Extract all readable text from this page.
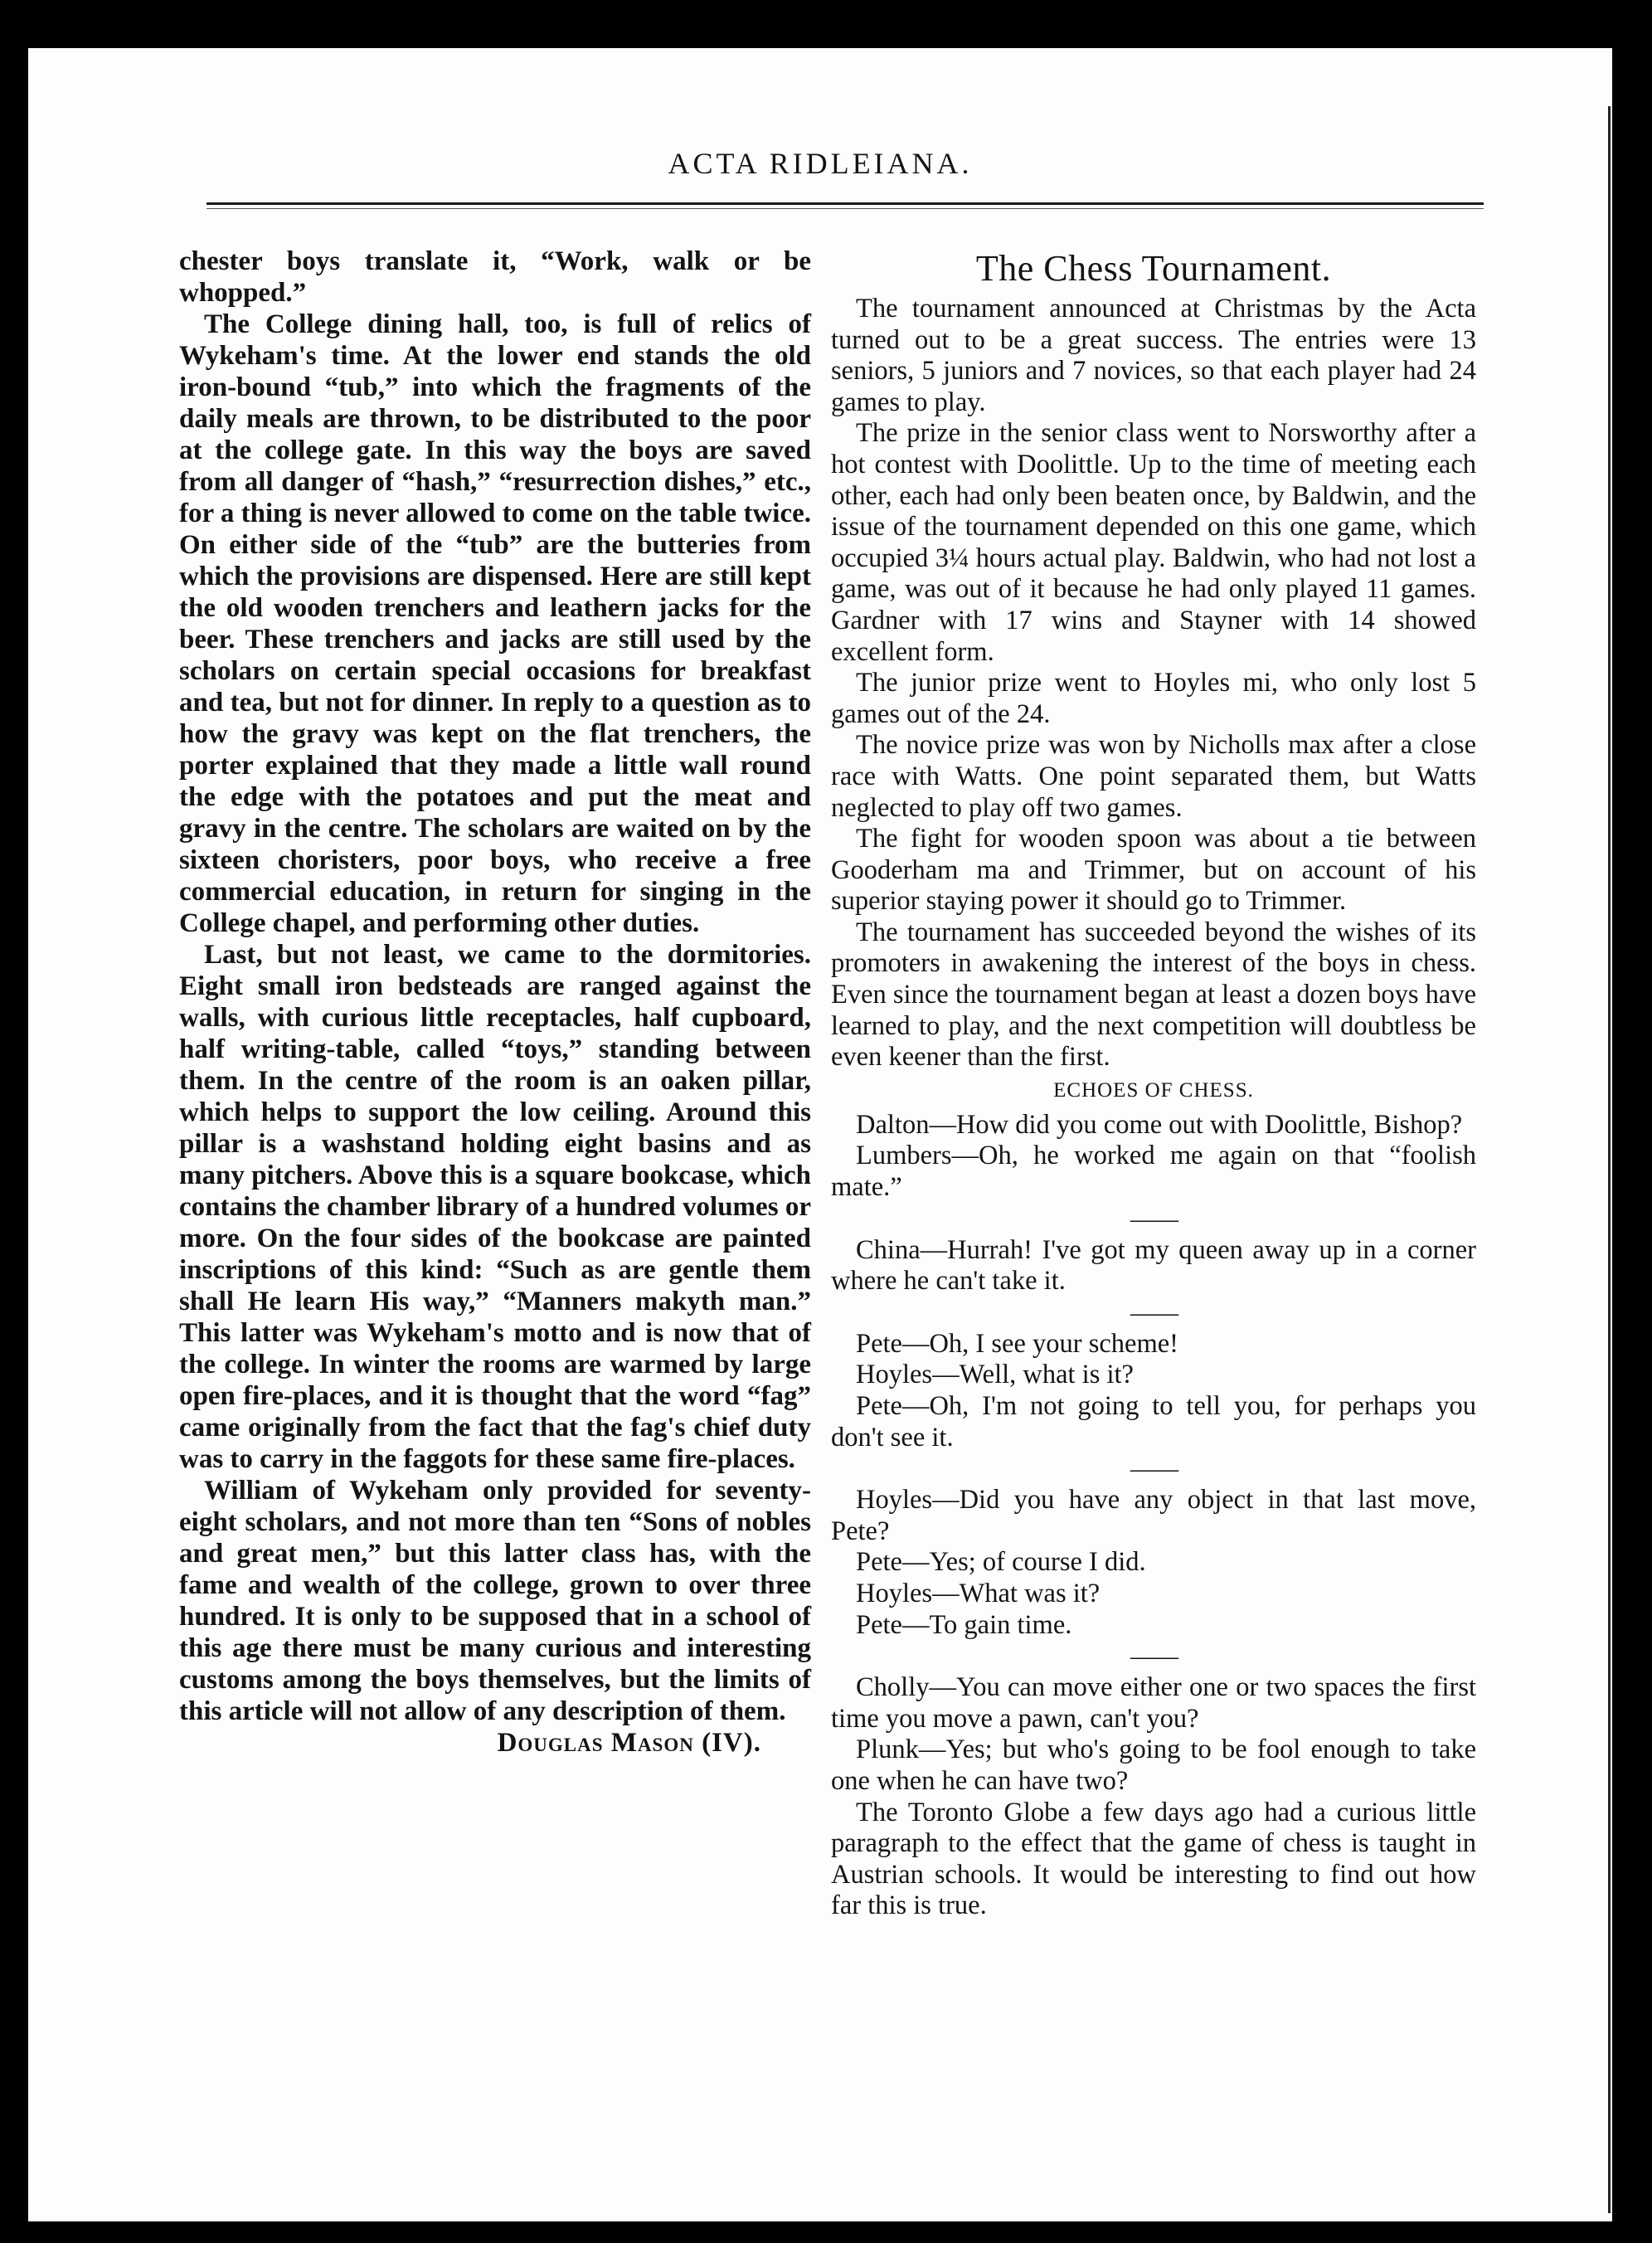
ACTA RIDLEIANA.

chester boys translate it, “Work, walk or be whopped.”

The College dining hall, too, is full of relics of Wykeham's time. At the lower end stands the old iron-bound “tub,” into which the fragments of the daily meals are thrown, to be distributed to the poor at the college gate. In this way the boys are saved from all danger of “hash,” “resurrection dishes,” etc., for a thing is never allowed to come on the table twice. On either side of the “tub” are the butteries from which the provisions are dispensed. Here are still kept the old wooden trenchers and leathern jacks for the beer. These trenchers and jacks are still used by the scholars on certain special occasions for breakfast and tea, but not for dinner. In reply to a question as to how the gravy was kept on the flat trenchers, the porter explained that they made a little wall round the edge with the potatoes and put the meat and gravy in the centre. The scholars are waited on by the sixteen choristers, poor boys, who receive a free commercial education, in return for singing in the College chapel, and performing other duties.

Last, but not least, we came to the dormitories. Eight small iron bedsteads are ranged against the walls, with curious little receptacles, half cupboard, half writing-table, called “toys,” standing between them. In the centre of the room is an oaken pillar, which helps to support the low ceiling. Around this pillar is a washstand holding eight basins and as many pitchers. Above this is a square bookcase, which contains the chamber library of a hundred volumes or more. On the four sides of the bookcase are painted inscriptions of this kind: “Such as are gentle them shall He learn His way,” “Manners makyth man.” This latter was Wykeham's motto and is now that of the college. In winter the rooms are warmed by large open fire-places, and it is thought that the word “fag” came originally from the fact that the fag's chief duty was to carry in the faggots for these same fire-places.

William of Wykeham only provided for seventy-eight scholars, and not more than ten “Sons of nobles and great men,” but this latter class has, with the fame and wealth of the college, grown to over three hundred. It is only to be supposed that in a school of this age there must be many curious and interesting customs among the boys themselves, but the limits of this article will not allow of any description of them.

Douglas Mason (IV).

The Chess Tournament.

The tournament announced at Christmas by the Acta turned out to be a great success. The entries were 13 seniors, 5 juniors and 7 novices, so that each player had 24 games to play.

The prize in the senior class went to Norsworthy after a hot contest with Doolittle. Up to the time of meeting each other, each had only been beaten once, by Baldwin, and the issue of the tournament depended on this one game, which occupied 3¼ hours actual play. Baldwin, who had not lost a game, was out of it because he had only played 11 games. Gardner with 17 wins and Stayner with 14 showed excellent form.

The junior prize went to Hoyles mi, who only lost 5 games out of the 24.

The novice prize was won by Nicholls max after a close race with Watts. One point separated them, but Watts neglected to play off two games.

The fight for wooden spoon was about a tie between Gooderham ma and Trimmer, but on account of his superior staying power it should go to Trimmer.

The tournament has succeeded beyond the wishes of its promoters in awakening the interest of the boys in chess. Even since the tournament began at least a dozen boys have learned to play, and the next competition will doubtless be even keener than the first.

ECHOES OF CHESS.

Dalton—How did you come out with Doolittle, Bishop?

Lumbers—Oh, he worked me again on that “foolish mate.”

——

China—Hurrah! I've got my queen away up in a corner where he can't take it.

——

Pete—Oh, I see your scheme!

Hoyles—Well, what is it?

Pete—Oh, I'm not going to tell you, for perhaps you don't see it.

——

Hoyles—Did you have any object in that last move, Pete?

Pete—Yes; of course I did.

Hoyles—What was it?

Pete—To gain time.

——

Cholly—You can move either one or two spaces the first time you move a pawn, can't you?

Plunk—Yes; but who's going to be fool enough to take one when he can have two?

The Toronto Globe a few days ago had a curious little paragraph to the effect that the game of chess is taught in Austrian schools. It would be interesting to find out how far this is true.
